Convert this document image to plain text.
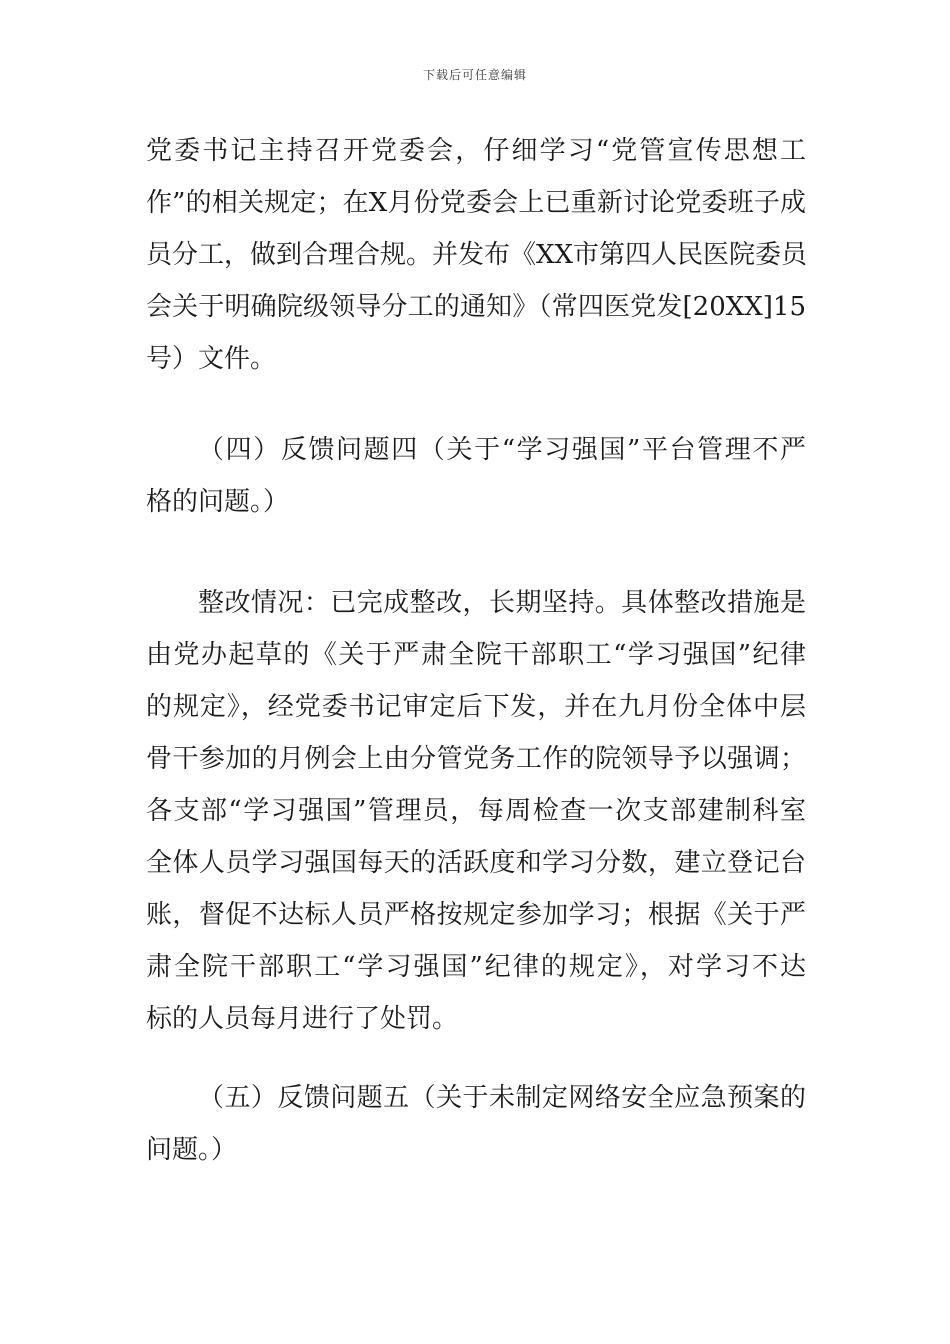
下载后可任意编辑
党委书记主持召开党委会，仔细学习“党管宣传思想工
作”的相关规定；在X月份党委会上已重新讨论党委班子成
员分工，做到合理合规。并发布《XX市第四人民医院委员
会关于明确院级领导分工的通知》（常四医党发[20XX]15
号）文件。
（四）反馈问题四（关于“学习强国”平台管理不严
格的问题。）
整改情况：已完成整改，长期坚持。具体整改措施是
由党办起草的《关于严肃全院干部职工“学习强国”纪律
的规定》，经党委书记审定后下发，并在九月份全体中层
骨干参加的月例会上由分管党务工作的院领导予以强调；
各支部“学习强国”管理员，每周检查一次支部建制科室
全体人员学习强国每天的活跃度和学习分数，建立登记台
账，督促不达标人员严格按规定参加学习；根据《关于严
肃全院干部职工“学习强国”纪律的规定》，对学习不达
标的人员每月进行了处罚。
（五）反馈问题五（关于未制定网络安全应急预案的
问题。）
